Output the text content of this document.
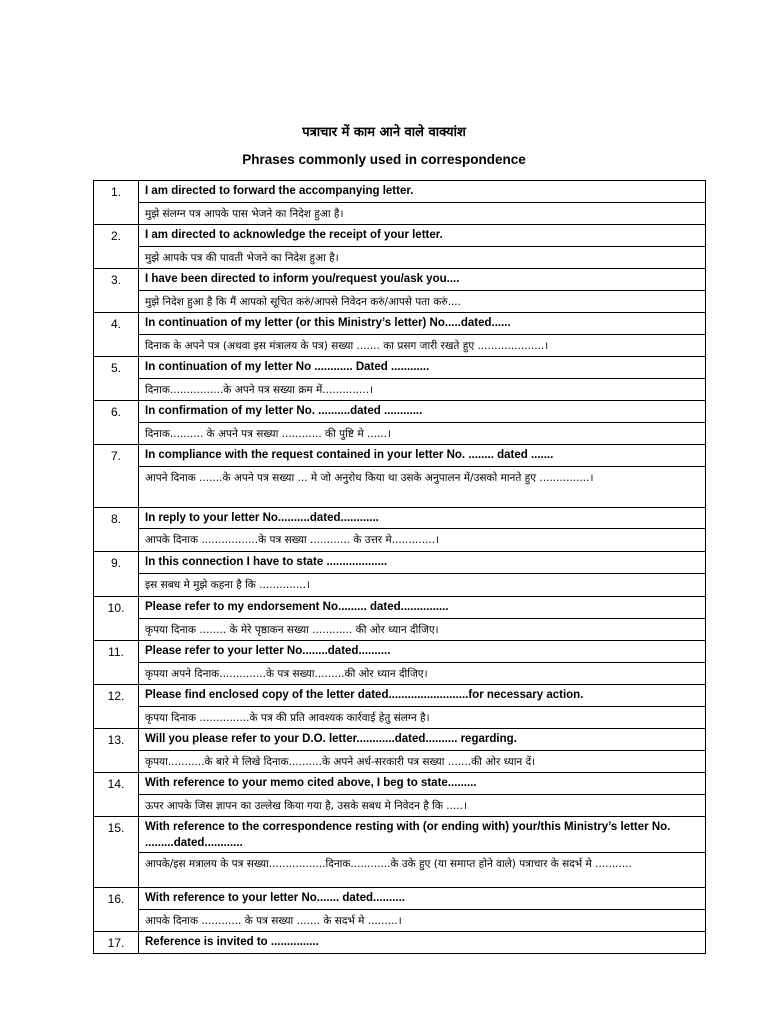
पत्राचार में काम आने वाले वाक्यांश
Phrases commonly used in correspondence
1.	I am directed to forward the accompanying letter.
	मुझे संलग्न पत्र आपके पास भेजने का निदेश हुआ है।
2.	I am directed to acknowledge the receipt of your letter.
	मुझे आपके पत्र की पावती भेजने का निदेश हुआ है।
3.	I have been directed to inform you/request you/ask you....
	मुझे निदेश हुआ है कि मैं आपको सूचित करुं/आपसे निवेदन करुं/आपसे पता करुं....
4.	In continuation of my letter (or this Ministry’s letter) No.....dated......
	दिनाक के अपने पत्र (अथवा इस मंत्रालय के पत्र) सख्या ....... का प्रसग जारी रखते हुए ....................।
5.	In continuation of my letter No ............ Dated ............
	दिनाक................के अपने पत्र सख्या क्रम में..............।
6.	In confirmation of my letter No. ..........dated ............
	दिनाक.......... के अपने पत्र सख्या ............ की पुष्टि मे ......।
7.	In compliance with the request contained in your letter No. ........ dated .......
	आपने दिनाक .......के अपने पत्र सख्या ... मे जो अनुरोध किया था उसके अनुपालन में/उसको मानते हुए ...............।
8.	In reply to your letter No..........dated............
	आपके दिनाक .................के पत्र सख्या ............ के उत्तर मे.............।
9.	In this connection I have to state ...................
	इस सबध मे मुझे कहना है कि ..............।
10.	Please refer to my endorsement No......... dated...............
	कृपया दिनाक ........ के मेरे पृष्ठाकन सख्या ............ की ओर ध्यान दीजिए।
11.	Please refer to your letter No........dated..........
	कृपया अपने दिनाक..............के पत्र सख्या.........की ओर ध्यान दीजिए।
12.	Please find enclosed copy of the letter dated.........................for necessary action.
	कृपया दिनाक ...............के पत्र की प्रति आवश्यक कार्रवाई हेतु संलग्न है।
13.	Will you please refer to your D.O. letter............dated.......... regarding.
	कृपया...........के बारे मे लिखे दिनाक..........के अपने अर्ध-सरकारी पत्र सख्या .......की ओर ध्यान दें।
14.	With reference to your memo cited above, I beg to state.........
	ऊपर आपके जिस ज्ञापन का उल्लेख किया गया है, उसके सबध मे निवेदन है कि .....।
15.	With reference to the correspondence resting with (or ending with) your/this Ministry’s letter No. .........dated............
	आपके/इस मत्रालय के पत्र सख्या.................दिनाक............के उके हुए (या समाप्त होने वाले) पत्राचार के सदर्भ मे ...........
16.	With reference to your letter No....... dated..........
	आपके दिनाक ............ के पत्र सख्या ....... के सदर्भ मे .........।
17.	Reference is invited to ...............
